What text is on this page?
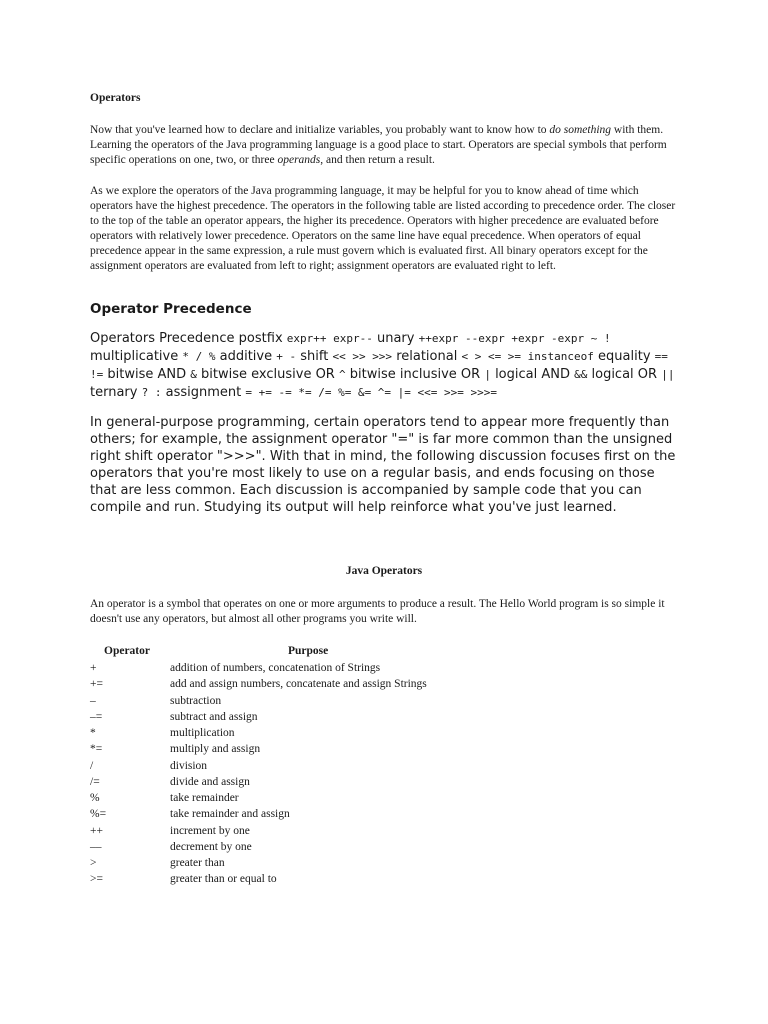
Operators

Now that you've learned how to declare and initialize variables, you probably want to know how to do something with them. Learning the operators of the Java programming language is a good place to start. Operators are special symbols that perform specific operations on one, two, or three operands, and then return a result.

As we explore the operators of the Java programming language, it may be helpful for you to know ahead of time which operators have the highest precedence. The operators in the following table are listed according to precedence order. The closer to the top of the table an operator appears, the higher its precedence. Operators with higher precedence are evaluated before operators with relatively lower precedence. Operators on the same line have equal precedence. When operators of equal precedence appear in the same expression, a rule must govern which is evaluated first. All binary operators except for the assignment operators are evaluated from left to right; assignment operators are evaluated right to left.

Operator Precedence

Operators Precedence postfix expr++ expr-- unary ++expr --expr +expr -expr ~ ! multiplicative * / % additive + - shift << >> >>> relational < > <= >= instanceof equality == != bitwise AND & bitwise exclusive OR ^ bitwise inclusive OR | logical AND && logical OR || ternary ? : assignment = += -= *= /= %= &= ^= |= <<= >>= >>>=

In general-purpose programming, certain operators tend to appear more frequently than others; for example, the assignment operator "=" is far more common than the unsigned right shift operator ">>>". With that in mind, the following discussion focuses first on the operators that you're most likely to use on a regular basis, and ends focusing on those that are less common. Each discussion is accompanied by sample code that you can compile and run. Studying its output will help reinforce what you've just learned.

Java Operators

An operator is a symbol that operates on one or more arguments to produce a result. The Hello World program is so simple it doesn't use any operators, but almost all other programs you write will.

Operator	Purpose
+	addition of numbers, concatenation of Strings
+=	add and assign numbers, concatenate and assign Strings
–	subtraction
–=	subtract and assign
*	multiplication
*=	multiply and assign
/	division
/=	divide and assign
%	take remainder
%=	take remainder and assign
++	increment by one
––	decrement by one
>	greater than
>=	greater than or equal to
